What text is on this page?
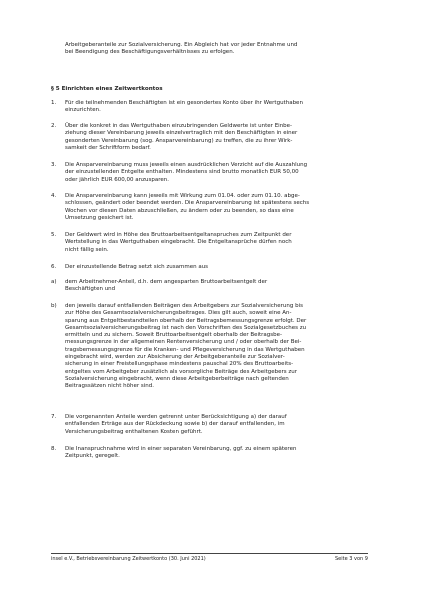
Arbeitgeberanteile zur Sozialversicherung. Ein Abgleich hat vor jeder Entnahme und
bei Beendigung des Beschäftigungsverhältnisses zu erfolgen.
§ 5 Einrichten eines Zeitwertkontos
1.	Für die teilnehmenden Beschäftigten ist ein gesondertes Konto über ihr Wertguthaben
einzurichten.
2.	Über die konkret in das Wertguthaben einzubringenden Geldwerte ist unter Einbe-
ziehung dieser Vereinbarung jeweils einzelvertraglich mit den Beschäftigten in einer
gesonderten Vereinbarung (sog. Ansparvereinbarung) zu treffen, die zu ihrer Wirk-
samkeit der Schriftform bedarf.
3.	Die Ansparvereinbarung muss jeweils einen ausdrücklichen Verzicht auf die Auszahlung
der einzustellenden Entgelte enthalten. Mindestens sind brutto monatlich EUR 50,00
oder jährlich EUR 600,00 anzusparen.
4.	Die Ansparvereinbarung kann jeweils mit Wirkung zum 01.04. oder zum 01.10. abge-
schlossen, geändert oder beendet werden. Die Ansparvereinbarung ist spätestens sechs
Wochen vor diesen Daten abzuschließen, zu ändern oder zu beenden, so dass eine
Umsetzung gesichert ist.
5.	Der Geldwert wird in Höhe des Bruttoarbeitsentgeltanspruches zum Zeitpunkt der
Wertstellung in das Wertguthaben eingebracht. Die Entgeltansprüche dürfen noch
nicht fällig sein.
6.	Der einzustellende Betrag setzt sich zusammen aus
a)	dem Arbeitnehmer-Anteil, d.h. dem angesparten Bruttoarbeitsentgelt der
Beschäftigten und
b)	den jeweils darauf entfallenden Beiträgen des Arbeitgebers zur Sozialversicherung bis
zur Höhe des Gesamtsozialversicherungsbeitrages. Dies gilt auch, soweit eine An-
sparung aus Entgeltbestandteilen oberhalb der Beitragsbemessungsgrenze erfolgt. Der
Gesamtsozialversicherungsbeitrag ist nach den Vorschriften des Sozialgesetzbuches zu
ermitteln und zu sichern. Soweit Bruttoarbeitsentgelt oberhalb der Beitragsbe-
messungsgrenze in der allgemeinen Rentenversicherung und / oder oberhalb der Bei-
tragsbemessungsgrenze für die Kranken- und Pflegeversicherung in das Wertguthaben
eingebracht wird, werden zur Absicherung der Arbeitgeberanteile zur Sozialver-
sicherung in einer Freistellungsphase mindestens pauschal 20% des Bruttoarbeits-
entgeltes vom Arbeitgeber zusätzlich als vorsorgliche Beiträge des Arbeitgebers zur
Sozialversicherung eingebracht, wenn diese Arbeitgeberbeiträge nach geltenden
Beitragssätzen nicht höher sind.
7.	Die vorgenannten Anteile werden getrennt unter Berücksichtigung a) der darauf
entfallenden Erträge aus der Rückdeckung sowie b) der darauf entfallenden, im
Versicherungsbeitrag enthaltenen Kosten geführt.
8.	Die Inanspruchnahme wird in einer separaten Vereinbarung, ggf. zu einem späteren
Zeitpunkt, geregelt.
insel e.V., Betriebsvereinbarung Zeitwertkonto (30. Juni 2021)	Seite 3 von 9
